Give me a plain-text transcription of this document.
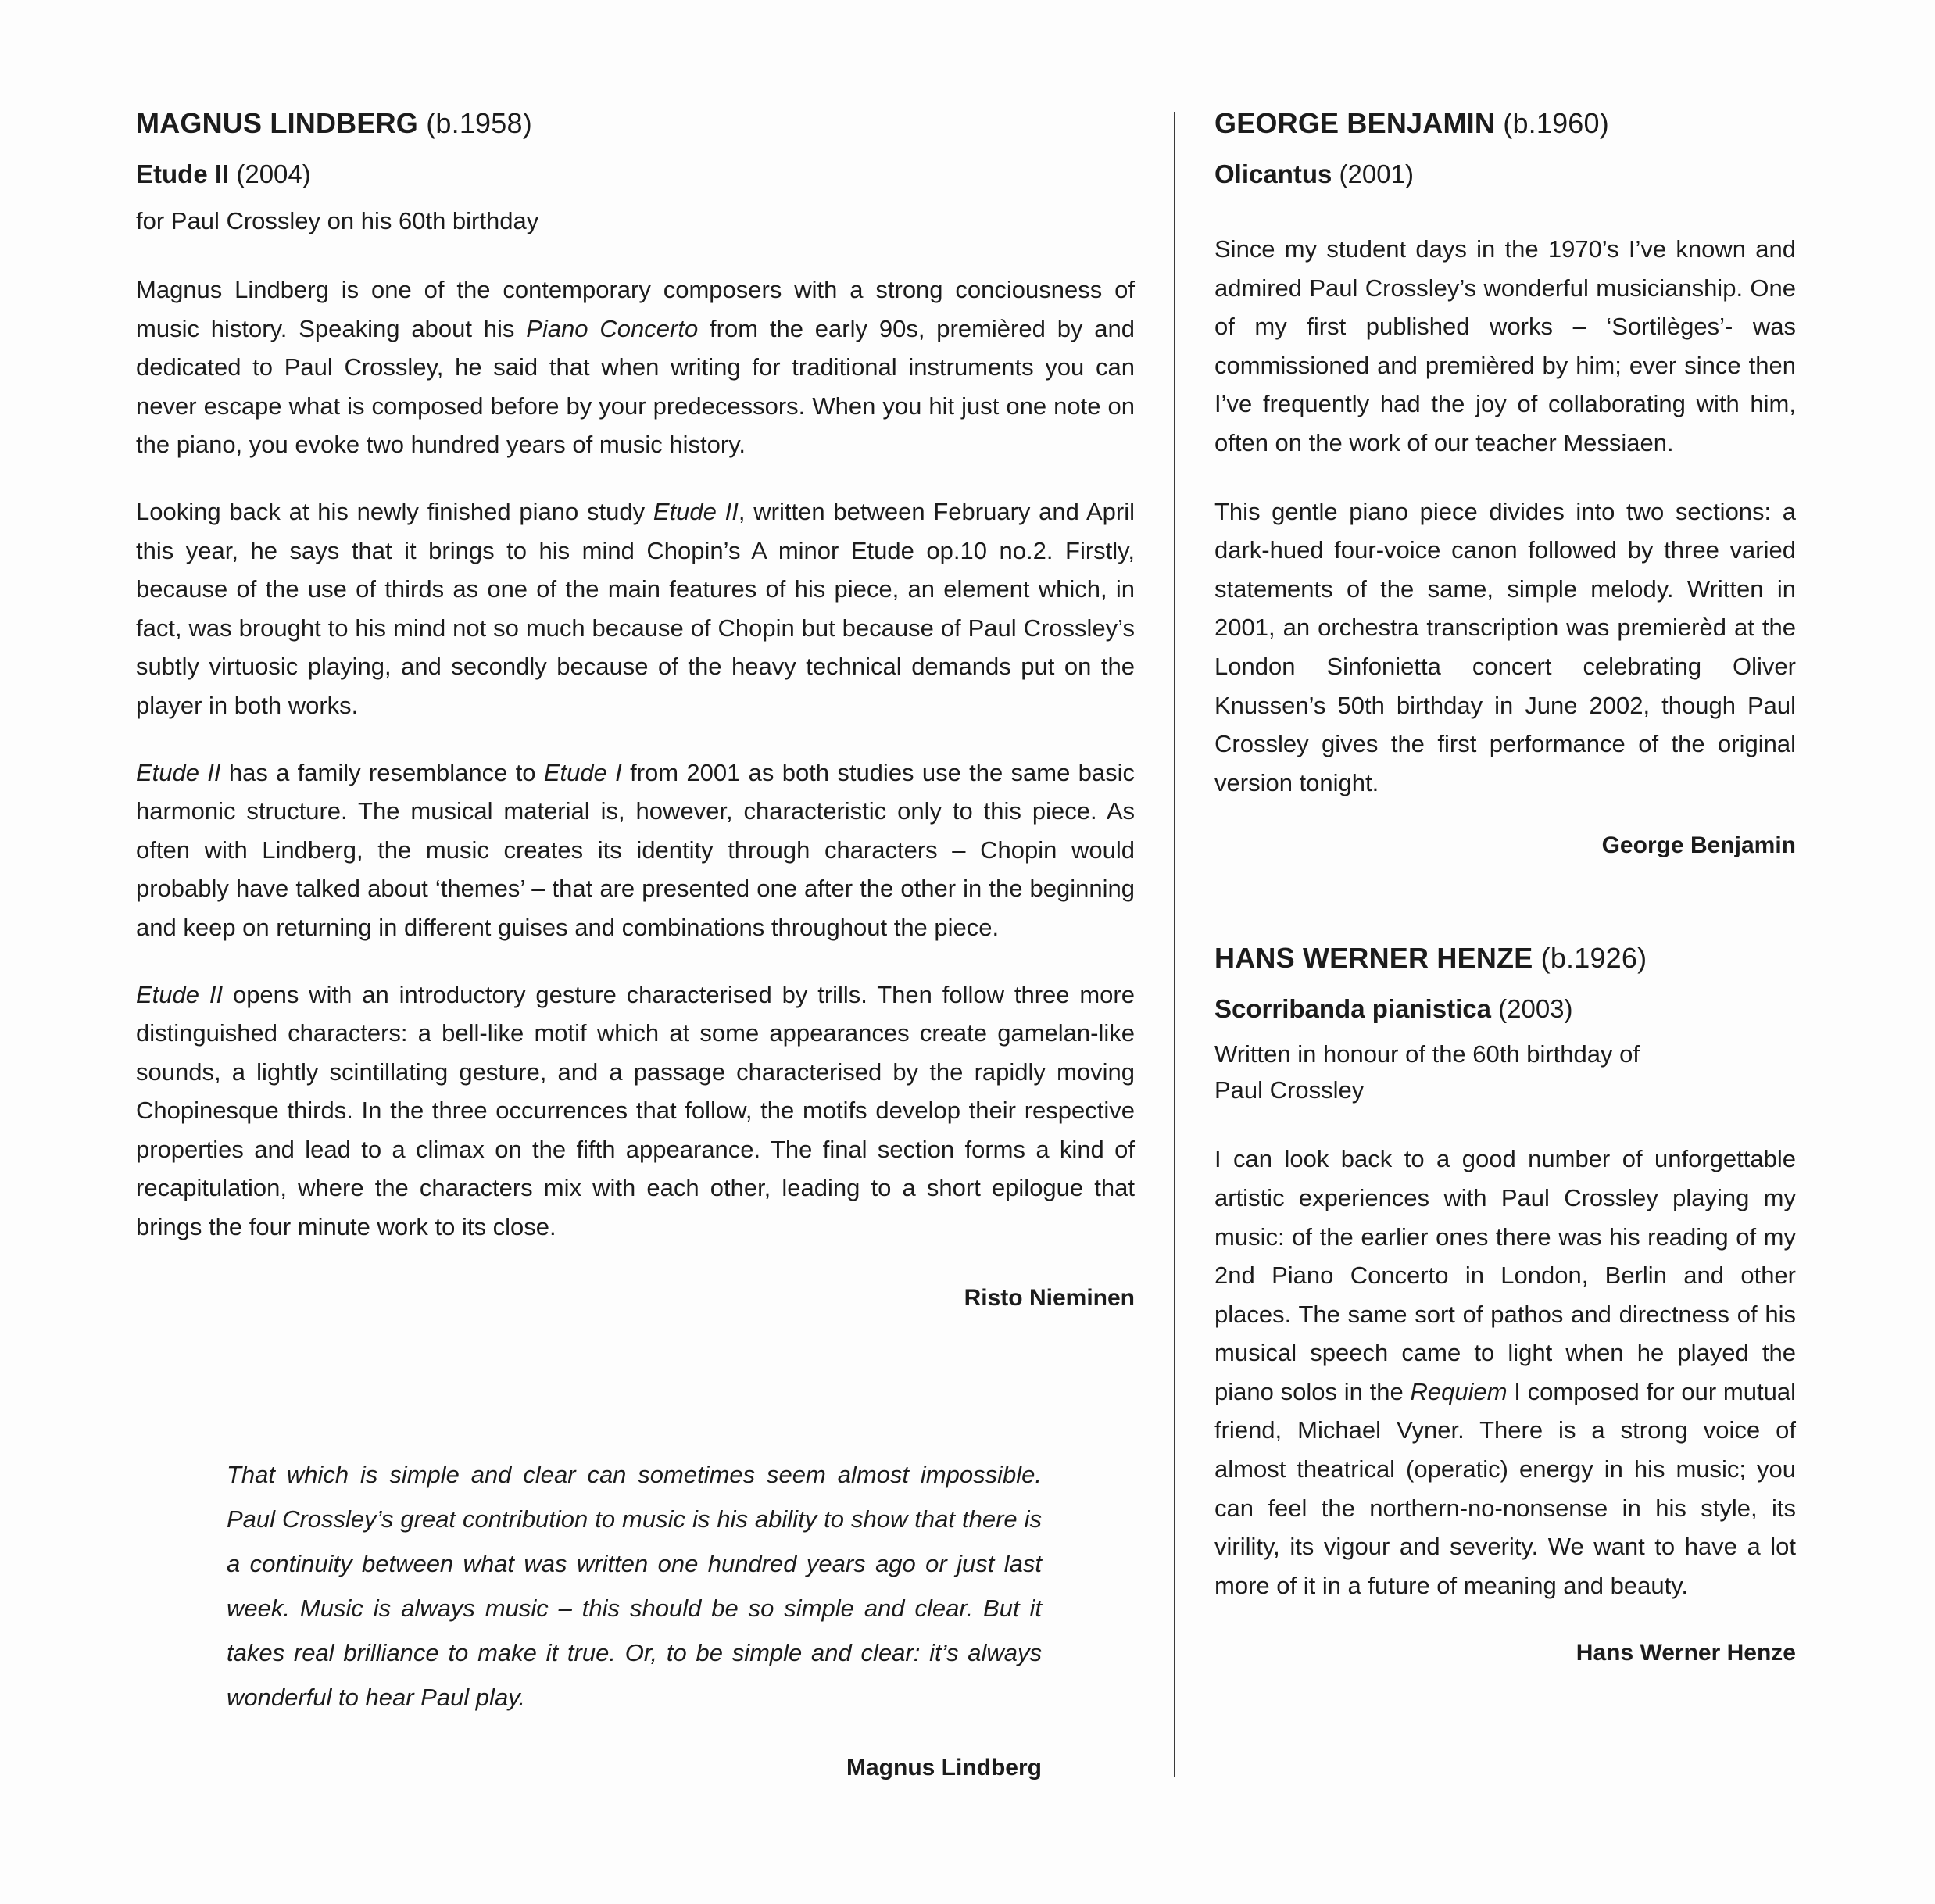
MAGNUS LINDBERG (b.1958)

Etude II (2004)

for Paul Crossley on his 60th birthday

Magnus Lindberg is one of the contemporary composers with a strong conciousness of music history. Speaking about his Piano Concerto from the early 90s, premièred by and dedicated to Paul Crossley, he said that when writing for traditional instruments you can never escape what is composed before by your predecessors. When you hit just one note on the piano, you evoke two hundred years of music history.

Looking back at his newly finished piano study Etude II, written between February and April this year, he says that it brings to his mind Chopin’s A minor Etude op.10 no.2. Firstly, because of the use of thirds as one of the main features of his piece, an element which, in fact, was brought to his mind not so much because of Chopin but because of Paul Crossley’s subtly virtuosic playing, and secondly because of the heavy technical demands put on the player in both works.

Etude II has a family resemblance to Etude I from 2001 as both studies use the same basic harmonic structure. The musical material is, however, characteristic only to this piece. As often with Lindberg, the music creates its identity through characters – Chopin would probably have talked about ‘themes’ – that are presented one after the other in the beginning and keep on returning in different guises and combinations throughout the piece.

Etude II opens with an introductory gesture characterised by trills. Then follow three more distinguished characters: a bell-like motif which at some appearances create gamelan-like sounds, a lightly scintillating gesture, and a passage characterised by the rapidly moving Chopinesque thirds. In the three occurrences that follow, the motifs develop their respective properties and lead to a climax on the fifth appearance. The final section forms a kind of recapitulation, where the characters mix with each other, leading to a short epilogue that brings the four minute work to its close.

Risto Nieminen

That which is simple and clear can sometimes seem almost impossible. Paul Crossley’s great contribution to music is his ability to show that there is a continuity between what was written one hundred years ago or just last week. Music is always music – this should be so simple and clear. But it takes real brilliance to make it true. Or, to be simple and clear: it’s always wonderful to hear Paul play.

Magnus Lindberg

GEORGE BENJAMIN (b.1960)

Olicantus (2001)

Since my student days in the 1970’s I’ve known and admired Paul Crossley’s wonderful musicianship. One of my first published works – ‘Sortilèges’- was commissioned and premièred by him; ever since then I’ve frequently had the joy of collaborating with him, often on the work of our teacher Messiaen.

This gentle piano piece divides into two sections: a dark-hued four-voice canon followed by three varied statements of the same, simple melody. Written in 2001, an orchestra transcription was premierèd at the London Sinfonietta concert celebrating Oliver Knussen’s 50th birthday in June 2002, though Paul Crossley gives the first performance of the original version tonight.

George Benjamin

HANS WERNER HENZE (b.1926)

Scorribanda pianistica (2003)

Written in honour of the 60th birthday of
Paul Crossley

I can look back to a good number of unforgettable artistic experiences with Paul Crossley playing my music: of the earlier ones there was his reading of my 2nd Piano Concerto in London, Berlin and other places. The same sort of pathos and directness of his musical speech came to light when he played the piano solos in the Requiem I composed for our mutual friend, Michael Vyner. There is a strong voice of almost theatrical (operatic) energy in his music; you can feel the northern-no-nonsense in his style, its virility, its vigour and severity. We want to have a lot more of it in a future of meaning and beauty.

Hans Werner Henze
